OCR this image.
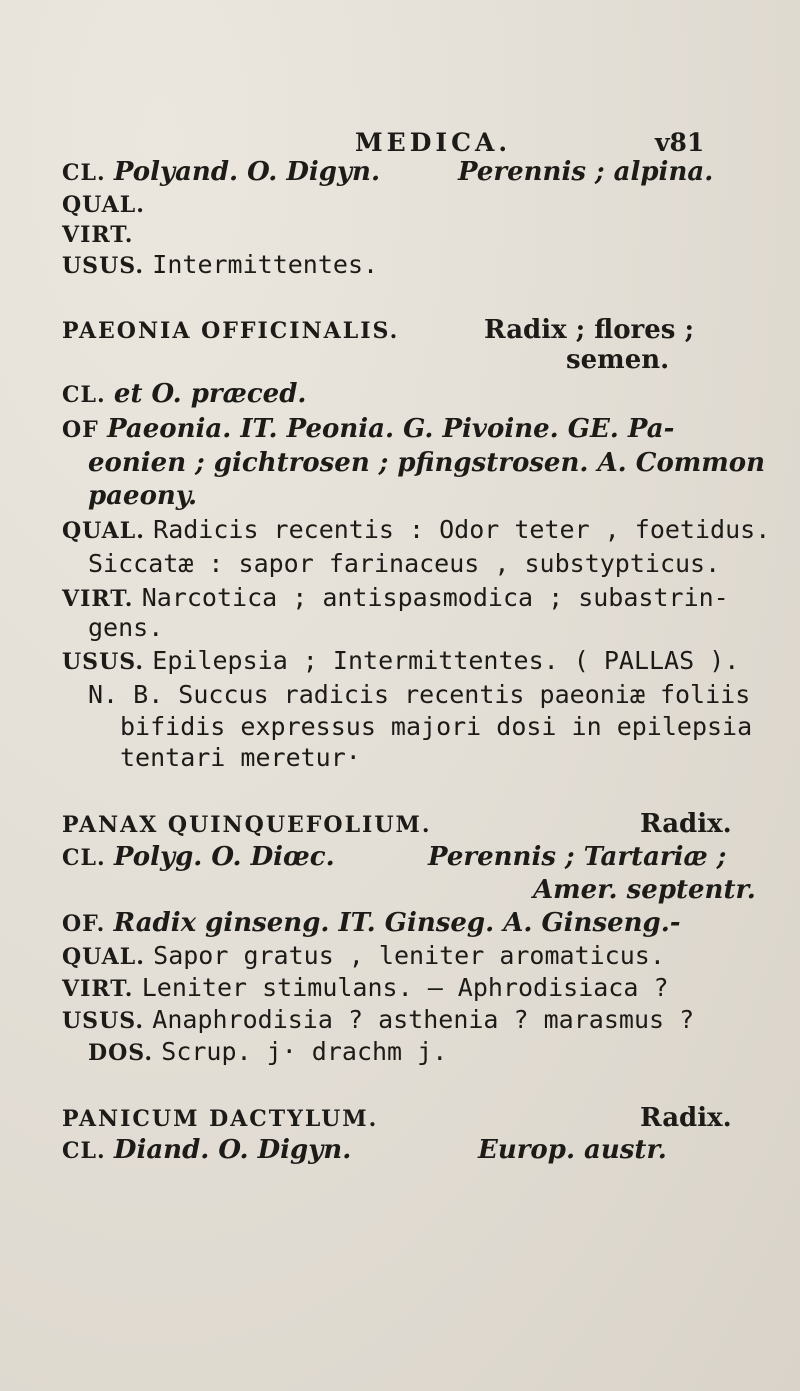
MEDICA.	v81
CL. Polyand. O. Digyn.	Perennis ; alpina.
QUAL.
VIRT.
USUS. Intermittentes.
PAEONIA OFFICINALIS.	Radix ; flores ;
semen.
CL. et O. præced.
OF Paeonia. IT. Peonia. G. Pivoine. GE. Pa-
eonien ; gichtrosen ; pfingstrosen. A. Common
paeony.
QUAL. Radicis recentis : Odor teter , foetidus.
Siccatæ : sapor farinaceus , substypticus.
VIRT. Narcotica ; antispasmodica ; subastrin-
gens.
USUS. Epilepsia ; Intermittentes. ( PALLAS ).
N. B. Succus radicis recentis paeoniæ foliis
bifidis expressus majori dosi in epilepsia
tentari meretur·
PANAX QUINQUEFOLIUM.	Radix.
CL. Polyg. O. Diœc.	Perennis ; Tartariæ ;
Amer. septentr.
OF. Radix ginseng. IT. Ginseg. A. Ginseng.-
QUAL. Sapor gratus , leniter aromaticus.
VIRT. Leniter stimulans. — Aphrodisiaca ?
USUS. Anaphrodisia ? asthenia ? marasmus ?
DOS. Scrup. j· drachm j.
PANICUM DACTYLUM.	Radix.
CL. Diand. O. Digyn.	Europ. austr.
